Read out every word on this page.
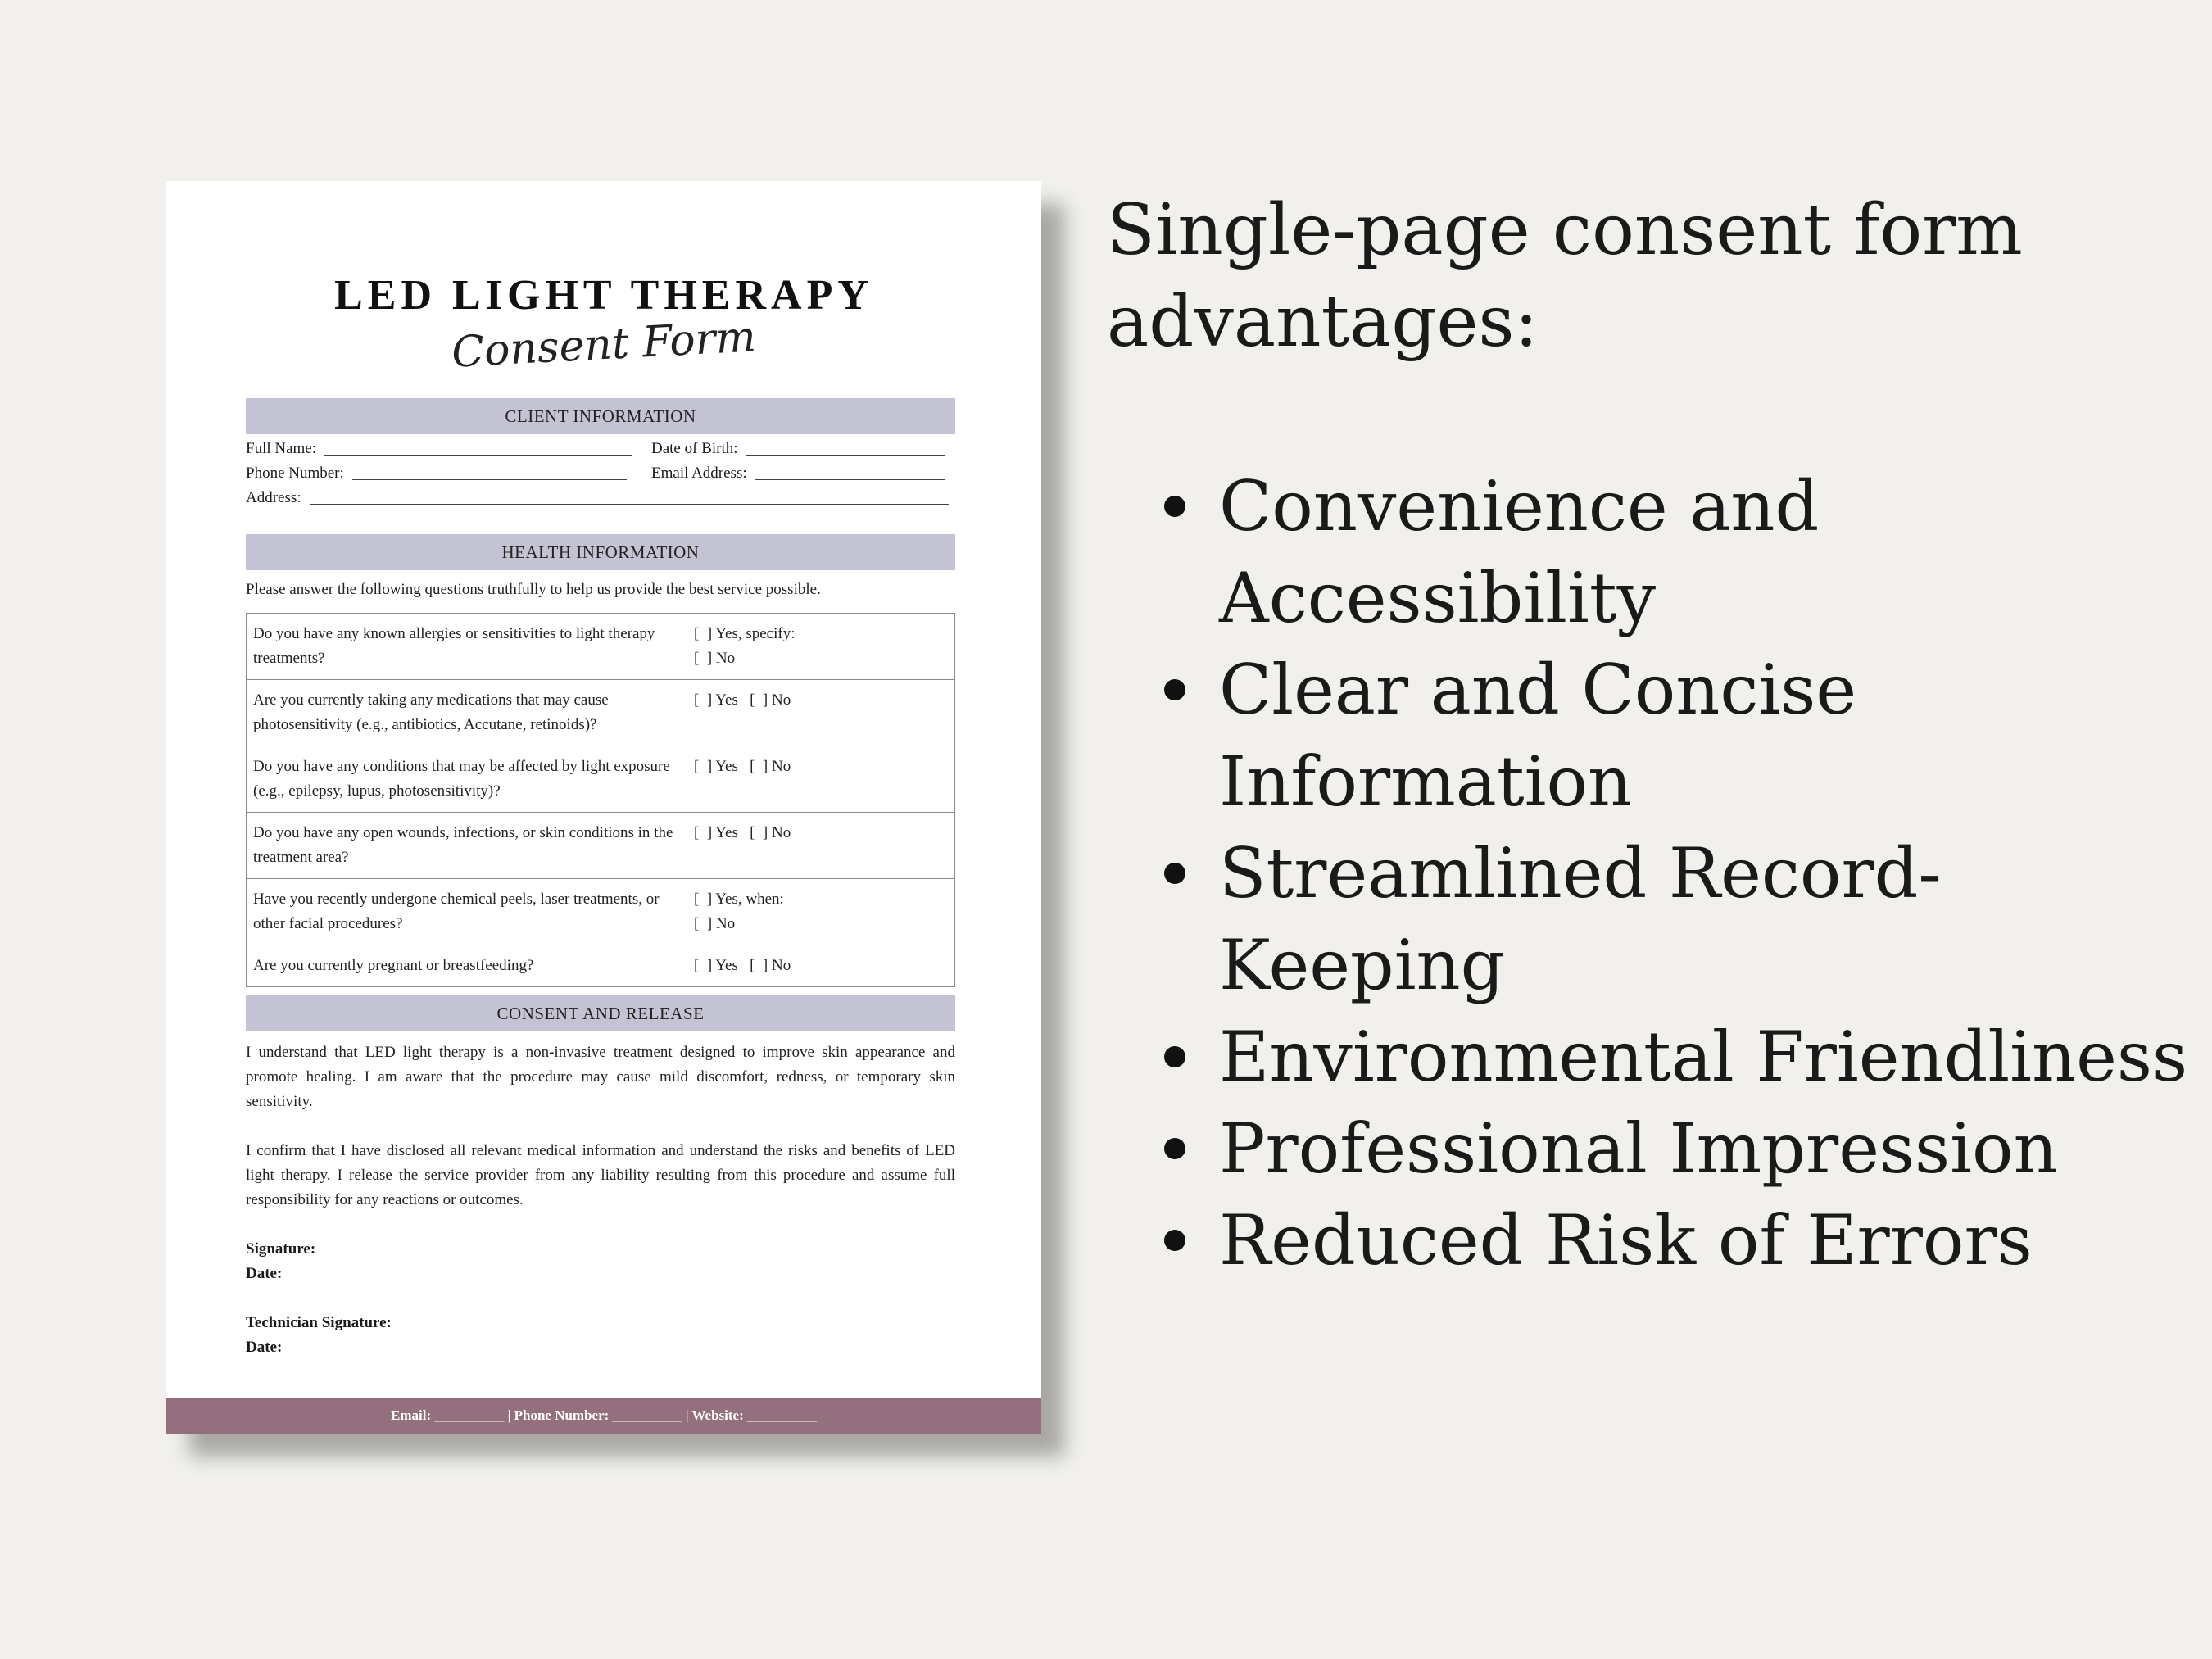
LED LIGHT THERAPY
Consent Form
CLIENT INFORMATION
Full Name:	Date of Birth:
Phone Number:	Email Address:
Address:
HEALTH INFORMATION
Please answer the following questions truthfully to help us provide the best service possible.
Do you have any known allergies or sensitivities to light therapy treatments?	[  ] Yes, specify:
[  ] No
Are you currently taking any medications that may cause photosensitivity (e.g., antibiotics, Accutane, retinoids)?	[  ] Yes   [  ] No
Do you have any conditions that may be affected by light exposure (e.g., epilepsy, lupus, photosensitivity)?	[  ] Yes   [  ] No
Do you have any open wounds, infections, or skin conditions in the treatment area?	[  ] Yes   [  ] No
Have you recently undergone chemical peels, laser treatments, or other facial procedures?	[  ] Yes, when:
[  ] No
Are you currently pregnant or breastfeeding?	[  ] Yes   [  ] No
CONSENT AND RELEASE

I understand that LED light therapy is a non-invasive treatment designed to improve skin appearance and promote healing. I am aware that the procedure may cause mild discomfort, redness, or temporary skin sensitivity.

I confirm that I have disclosed all relevant medical information and understand the risks and benefits of LED light therapy. I release the service provider from any liability resulting from this procedure and assume full responsibility for any reactions or outcomes.

Signature:
Date:
Technician Signature:
Date:
Email: __________ | Phone Number: __________ | Website: __________

Single-page consent form advantages:

Convenience and Accessibility
Clear and Concise Information
Streamlined Record-Keeping
Environmental Friendliness
Professional Impression
Reduced Risk of Errors
